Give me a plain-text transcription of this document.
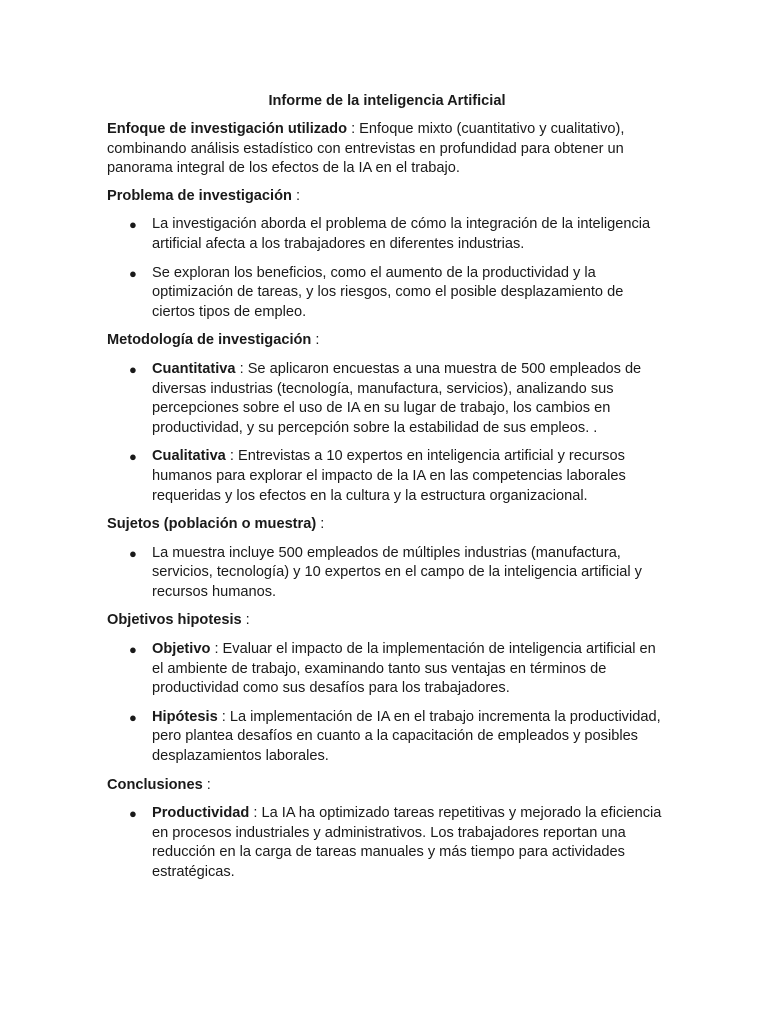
Informe de la inteligencia Artificial
Enfoque de investigación utilizado : Enfoque mixto (cuantitativo y cualitativo), combinando análisis estadístico con entrevistas en profundidad para obtener un panorama integral de los efectos de la IA en el trabajo.
Problema de investigación :
● La investigación aborda el problema de cómo la integración de la inteligencia artificial afecta a los trabajadores en diferentes industrias.
● Se exploran los beneficios, como el aumento de la productividad y la optimización de tareas, y los riesgos, como el posible desplazamiento de ciertos tipos de empleo.
Metodología de investigación :
● Cuantitativa : Se aplicaron encuestas a una muestra de 500 empleados de diversas industrias (tecnología, manufactura, servicios), analizando sus percepciones sobre el uso de IA en su lugar de trabajo, los cambios en productividad, y su percepción sobre la estabilidad de sus empleos. .
● Cualitativa : Entrevistas a 10 expertos en inteligencia artificial y recursos humanos para explorar el impacto de la IA en las competencias laborales requeridas y los efectos en la cultura y la estructura organizacional.
Sujetos (población o muestra) :
● La muestra incluye 500 empleados de múltiples industrias (manufactura, servicios, tecnología) y 10 expertos en el campo de la inteligencia artificial y recursos humanos.
Objetivos hipotesis :
● Objetivo : Evaluar el impacto de la implementación de inteligencia artificial en el ambiente de trabajo, examinando tanto sus ventajas en términos de productividad como sus desafíos para los trabajadores.
● Hipótesis : La implementación de IA en el trabajo incrementa la productividad, pero plantea desafíos en cuanto a la capacitación de empleados y posibles desplazamientos laborales.
Conclusiones :
● Productividad : La IA ha optimizado tareas repetitivas y mejorado la eficiencia en procesos industriales y administrativos. Los trabajadores reportan una reducción en la carga de tareas manuales y más tiempo para actividades estratégicas.
